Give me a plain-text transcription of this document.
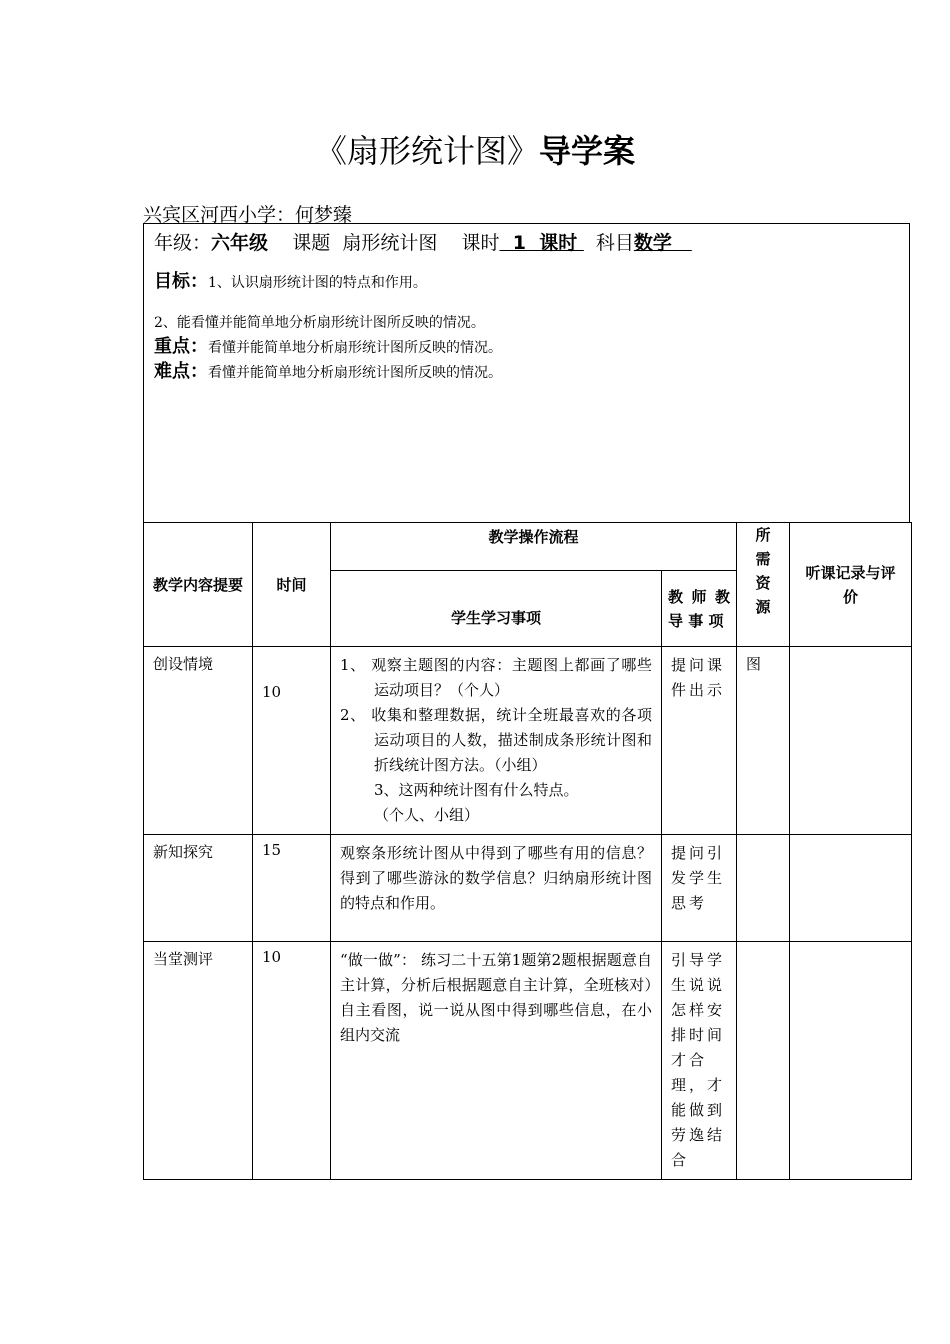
《扇形统计图》导学案
兴宾区河西小学：何梦臻
年级：六年级 课题 扇形统计图 课时  1  课时   科目数学
目标：1、认识扇形统计图的特点和作用。
2、能看懂并能简单地分析扇形统计图所反映的情况。
重点：看懂并能简单地分析扇形统计图所反映的情况。
难点：看懂并能简单地分析扇形统计图所反映的情况。
教学内容提要	时间	教学操作流程		所需资源	听课记录与评价
		学生学习事项	教 师 教 导 事 项		
创设情境	10	1、 观察主题图的内容：主题图上都画了哪些运动项目？（个人）
2、 收集和整理数据，统计全班最喜欢的各项运动项目的人数，描述制成条形统计图和折线统计图方法。（小组）
3、这两种统计图有什么特点。
（个人、小组）	提问课件出示	图	
新知探究	15	观察条形统计图从中得到了哪些有用的信息？得到了哪些游泳的数学信息？归纳扇形统计图的特点和作用。	提问引发学生思考		
当堂测评	10	“做一做”： 练习二十五第1题第2题根据题意自主计算，分析后根据题意自主计算，全班核对）自主看图，说一说从图中得到哪些信息，在小组内交流	引导学生说说怎样安排时间才合理，才能做到劳逸结合		
